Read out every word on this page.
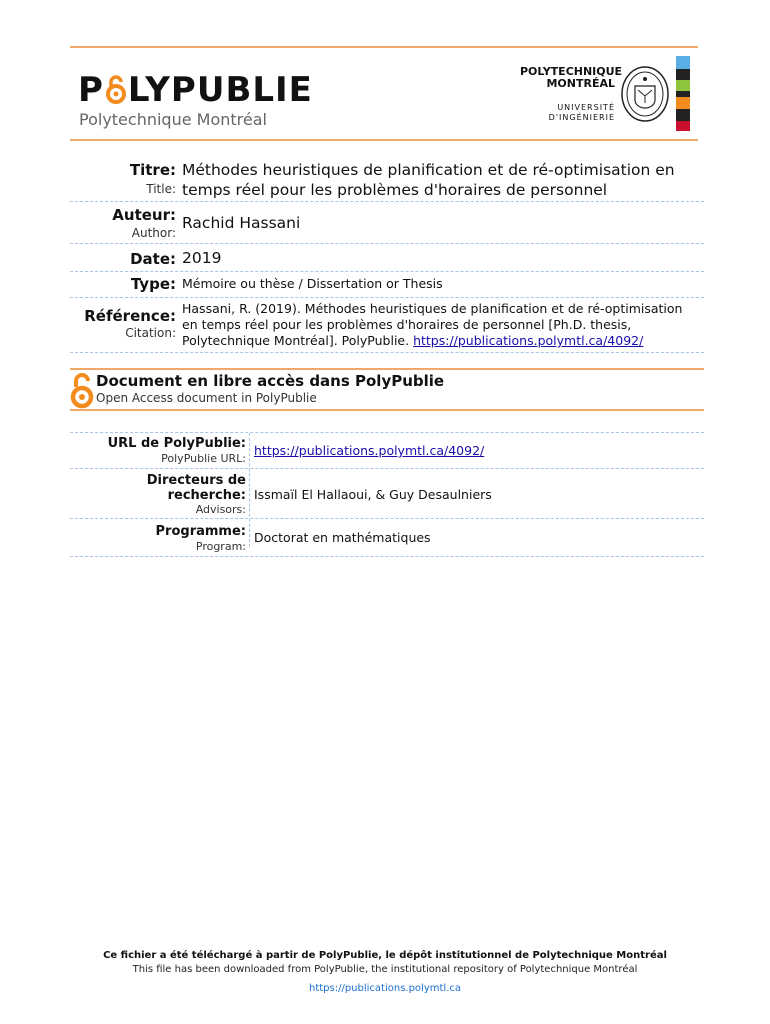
P LYPUBLIE
Polytechnique Montréal
POLYTECHNIQUE
MONTRÉAL
UNIVERSITÉ
D'INGÉNIERIE
Titre:
Title:
Méthodes heuristiques de planification et de ré-optimisation en
temps réel pour les problèmes d'horaires de personnel
Auteur:
Author:
Rachid Hassani
Date: 2019
Type: Mémoire ou thèse / Dissertation or Thesis
Référence:
Citation:
Hassani, R. (2019). Méthodes heuristiques de planification et de ré-optimisation
en temps réel pour les problèmes d'horaires de personnel [Ph.D. thesis,
Polytechnique Montréal]. PolyPublie. https://publications.polymtl.ca/4092/
Document en libre accès dans PolyPublie
Open Access document in PolyPublie
URL de PolyPublie:
PolyPublie URL:
https://publications.polymtl.ca/4092/
Directeurs de
recherche:
Advisors:
Issmaïl El Hallaoui, & Guy Desaulniers
Programme:
Program:
Doctorat en mathématiques
Ce fichier a été téléchargé à partir de PolyPublie, le dépôt institutionnel de Polytechnique Montréal
This file has been downloaded from PolyPublie, the institutional repository of Polytechnique Montréal
https://publications.polymtl.ca
